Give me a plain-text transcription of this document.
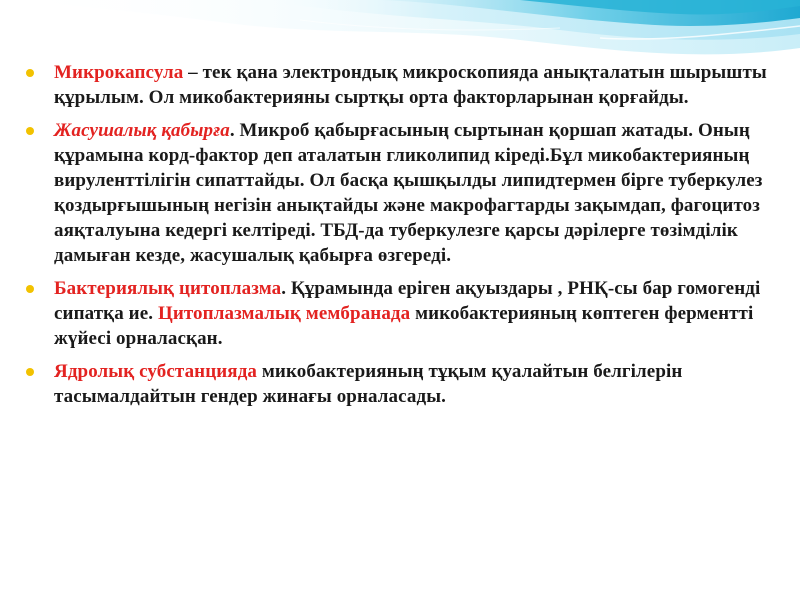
Микрокапсула – тек қана электрондық микроскопияда анықталатын шырышты құрылым. Ол микобактерияны сыртқы орта факторларынан қорғайды.

Жасушалық қабырға. Микроб қабырғасының сыртынан қоршап жатады. Оның құрамына корд-фактор деп аталатын гликолипид кіреді.Бұл микобактерияның вируленттілігін сипаттайды. Ол басқа қышқылды липидтермен бірге туберкулез қоздырғышының негізін анықтайды және макрофагтарды зақымдап, фагоцитоз аяқталуына кедергі келтіреді. ТБД-да туберкулезге қарсы дәрілерге төзімділік дамыған кезде, жасушалық қабырға өзгереді.

Бактериялық цитоплазма. Құрамында еріген ақуыздары , РНҚ-сы бар гомогенді сипатқа ие. Цитоплазмалық мембранада микобактерияның көптеген ферментті жүйесі орналасқан.

Ядролық субстанцияда микобактерияның тұқым қуалайтын белгілерін тасымалдайтын гендер жинағы орналасады.
